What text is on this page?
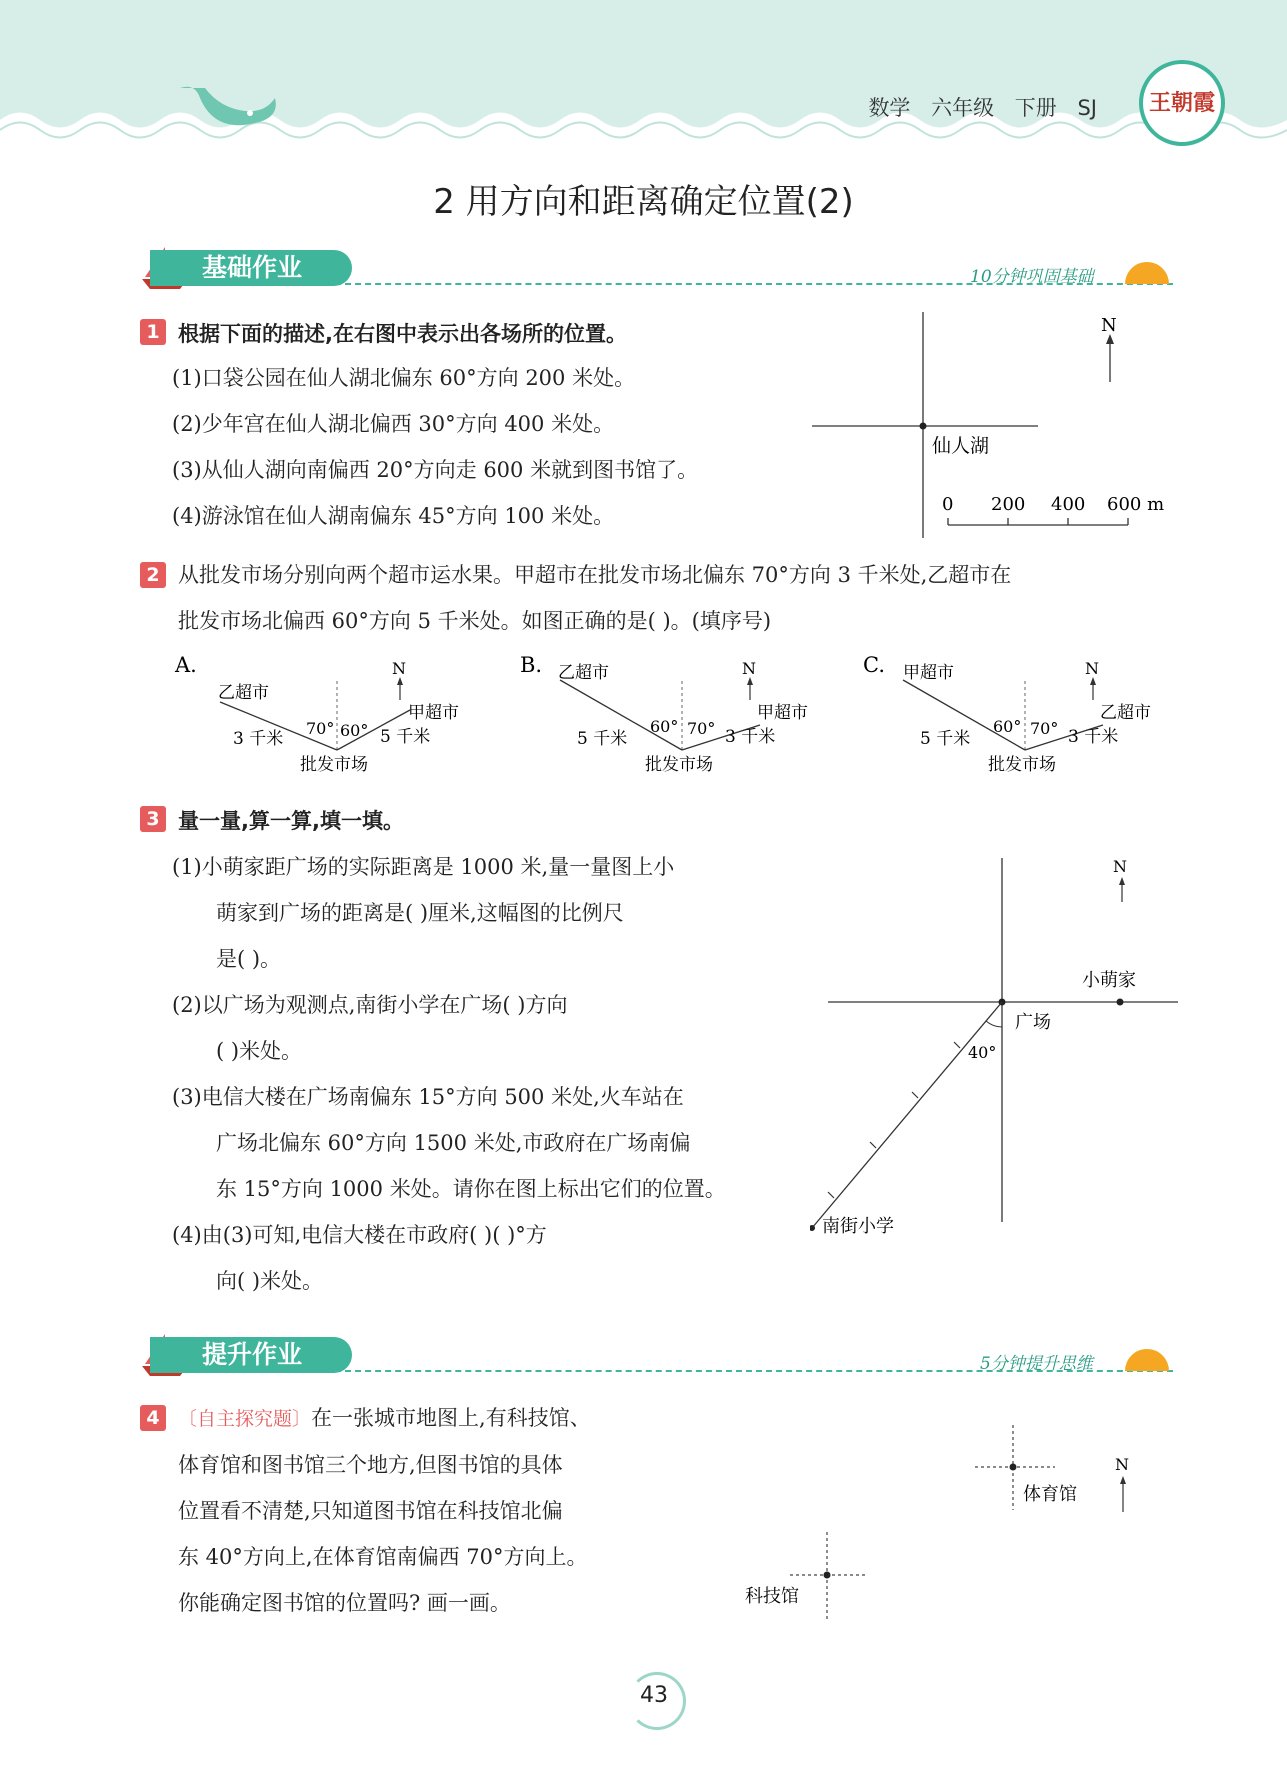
数学 六年级 下册 SJ 王朝霞
2 用方向和距离确定位置(2)
基础作业	10分钟巩固基础
1 根据下面的描述,在右图中表示出各场所的位置。
(1)口袋公园在仙人湖北偏东 60°方向 200 米处。
(2)少年宫在仙人湖北偏西 30°方向 400 米处。
(3)从仙人湖向南偏西 20°方向走 600 米就到图书馆了。
(4)游泳馆在仙人湖南偏东 45°方向 100 米处。
仙人湖
N
0 200 400 600 m
2 从批发市场分别向两个超市运水果。甲超市在批发市场北偏东 70°方向 3 千米处,乙超市在
批发市场北偏西 60°方向 5 千米处。如图正确的是( )。(填序号)
A.	N
乙超市
甲超市
3 千米	5 千米
70° 60°
批发市场
B.	N
乙超市
甲超市
5 千米	3 千米
60° 70°
批发市场
C.	N
甲超市
乙超市
5 千米	3 千米
60° 70°
批发市场
3 量一量,算一算,填一填。
(1)小萌家距广场的实际距离是 1000 米,量一量图上小
萌家到广场的距离是( )厘米,这幅图的比例尺
是( )。
(2)以广场为观测点,南街小学在广场( )方向
( )米处。
(3)电信大楼在广场南偏东 15°方向 500 米处,火车站在
广场北偏东 60°方向 1500 米处,市政府在广场南偏
东 15°方向 1000 米处。请你在图上标出它们的位置。
(4)由(3)可知,电信大楼在市政府( )( )°方
向( )米处。
小萌家
广场
N
40°
南街小学
提升作业	5分钟提升思维
4 〔自主探究题〕在一张城市地图上,有科技馆、
体育馆和图书馆三个地方,但图书馆的具体
位置看不清楚,只知道图书馆在科技馆北偏
东 40°方向上,在体育馆南偏西 70°方向上。
你能确定图书馆的位置吗? 画一画。
体育馆
N
科技馆
43
